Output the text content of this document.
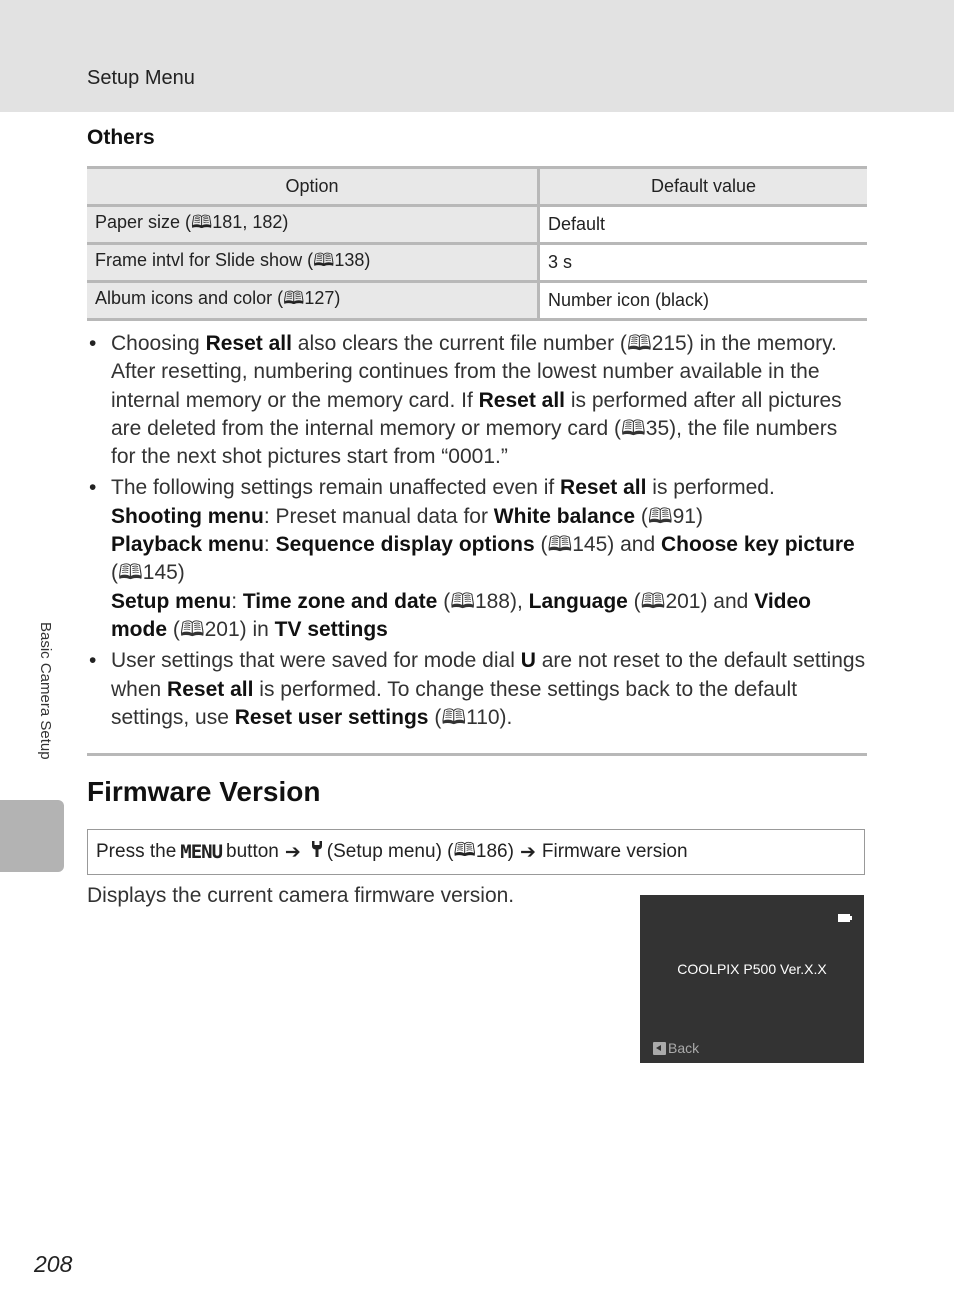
Setup Menu
Basic Camera Setup
Others
Option	Default value
Paper size (🕮181, 182)	Default
Frame intvl for Slide show (🕮138)	3 s
Album icons and color (🕮127)	Number icon (black)
• Choosing Reset all also clears the current file number (🕮215) in the memory. After resetting, numbering continues from the lowest number available in the internal memory or the memory card. If Reset all is performed after all pictures are deleted from the internal memory or memory card (🕮35), the file numbers for the next shot pictures start from “0001.”
• The following settings remain unaffected even if Reset all is performed.
Shooting menu: Preset manual data for White balance (🕮91)
Playback menu: Sequence display options (🕮145) and Choose key picture (🕮145)
Setup menu: Time zone and date (🕮188), Language (🕮201) and Video mode (🕮201) in TV settings
• User settings that were saved for mode dial U are not reset to the default settings when Reset all is performed. To change these settings back to the default settings, use Reset user settings (🕮110).
Firmware Version
Press the MENU button ➔ (Setup menu) ( 🕮 186) ➔ Firmware version
Displays the current camera firmware version.
COOLPIX P500 Ver.X.X
Back
208
